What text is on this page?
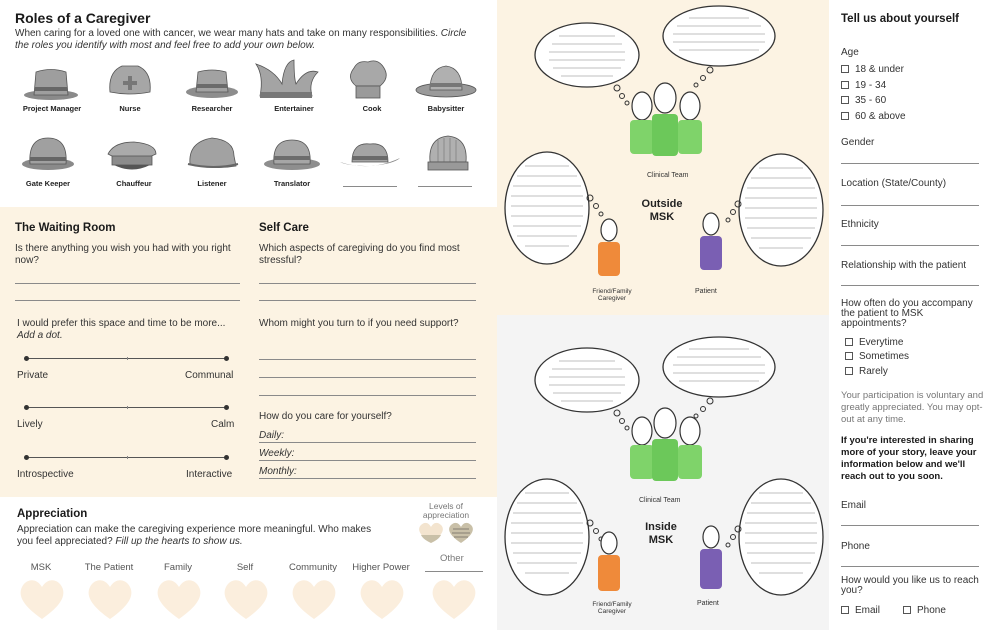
Roles of a Caregiver
When caring for a loved one with cancer, we wear many hats and take on many responsibilities. Circle the roles you identify with most and feel free to add your own below.
Project Manager	Nurse	Researcher	Entertainer	Cook	Babysitter
Gate Keeper	Chauffeur	Listener	Translator
The Waiting Room
Is there anything you wish you had with you right now?
I would prefer this space and time to be more...
Add a dot.
Private	Communal
Lively	Calm
Introspective	Interactive
Self Care
Which aspects of caregiving do you find most stressful?
Whom might you turn to if you need support?
How do you care for yourself?
Daily:
Weekly:
Monthly:
Appreciation
Appreciation can make the caregiving experience more meaningful. Who makes you feel appreciated? Fill up the hearts to show us.
Levels of appreciation
Other
MSK	The Patient	Family	Self	Community	Higher Power
Clinical Team
Outside MSK
Friend/Family Caregiver
Patient
Clinical Team
Inside MSK
Friend/Family Caregiver
Patient
Tell us about yourself
Age
18 & under
19 - 34
35 - 60
60 & above
Gender
Location (State/County)
Ethnicity
Relationship with the patient
How often do you accompany the patient to MSK appointments?
Everytime
Sometimes
Rarely
Your participation is voluntary and greatly appreciated. You may opt-out at any time.
If you're interested in sharing more of your story, leave your information below and we'll reach out to you soon.
Email
Phone
How would you like us to reach you?
Email	Phone
